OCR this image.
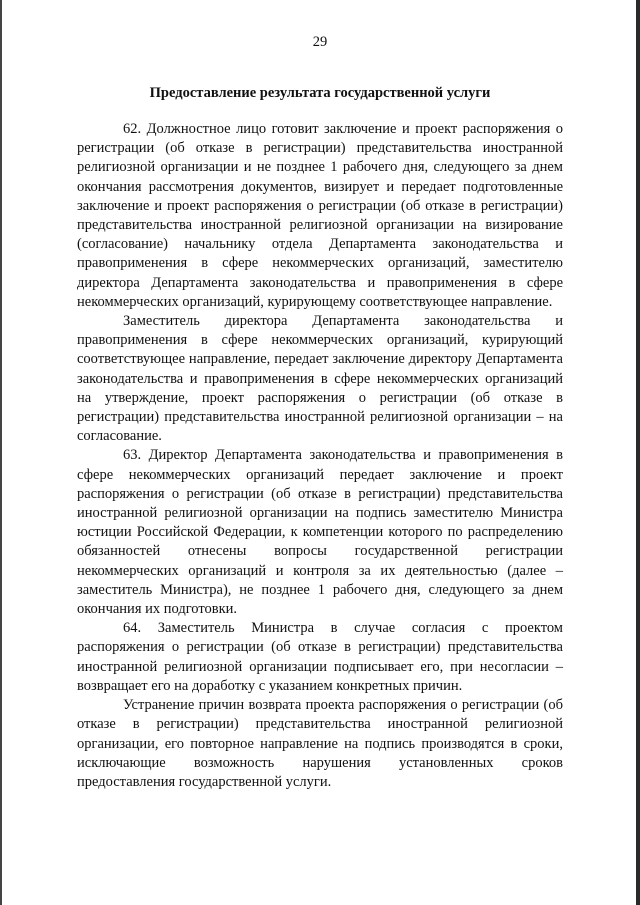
29
Предоставление результата государственной услуги

62. Должностное лицо готовит заключение и проект распоряжения о регистрации (об отказе в регистрации) представительства иностранной религиозной организации и не позднее 1 рабочего дня, следующего за днем окончания рассмотрения документов, визирует и передает подготовленные заключение и проект распоряжения о регистрации (об отказе в регистрации) представительства иностранной религиозной организации на визирование (согласование) начальнику отдела Департамента законодательства и правоприменения в сфере некоммерческих организаций, заместителю директора Департамента законодательства и правоприменения в сфере некоммерческих организаций, курирующему соответствующее направление.

Заместитель директора Департамента законодательства и правоприменения в сфере некоммерческих организаций, курирующий соответствующее направление, передает заключение директору Департамента законодательства и правоприменения в сфере некоммерческих организаций на утверждение, проект распоряжения о регистрации (об отказе в регистрации) представительства иностранной религиозной организации – на согласование.

63. Директор Департамента законодательства и правоприменения в сфере некоммерческих организаций передает заключение и проект распоряжения о регистрации (об отказе в регистрации) представительства иностранной религиозной организации на подпись заместителю Министра юстиции Российской Федерации, к компетенции которого по распределению обязанностей отнесены вопросы государственной регистрации некоммерческих организаций и контроля за их деятельностью (далее – заместитель Министра), не позднее 1 рабочего дня, следующего за днем окончания их подготовки.

64. Заместитель Министра в случае согласия с проектом распоряжения о регистрации (об отказе в регистрации) представительства иностранной религиозной организации подписывает его, при несогласии – возвращает его на доработку с указанием конкретных причин.

Устранение причин возврата проекта распоряжения о регистрации (об отказе в регистрации) представительства иностранной религиозной организации, его повторное направление на подпись производятся в сроки, исключающие возможность нарушения установленных сроков предоставления государственной услуги.
